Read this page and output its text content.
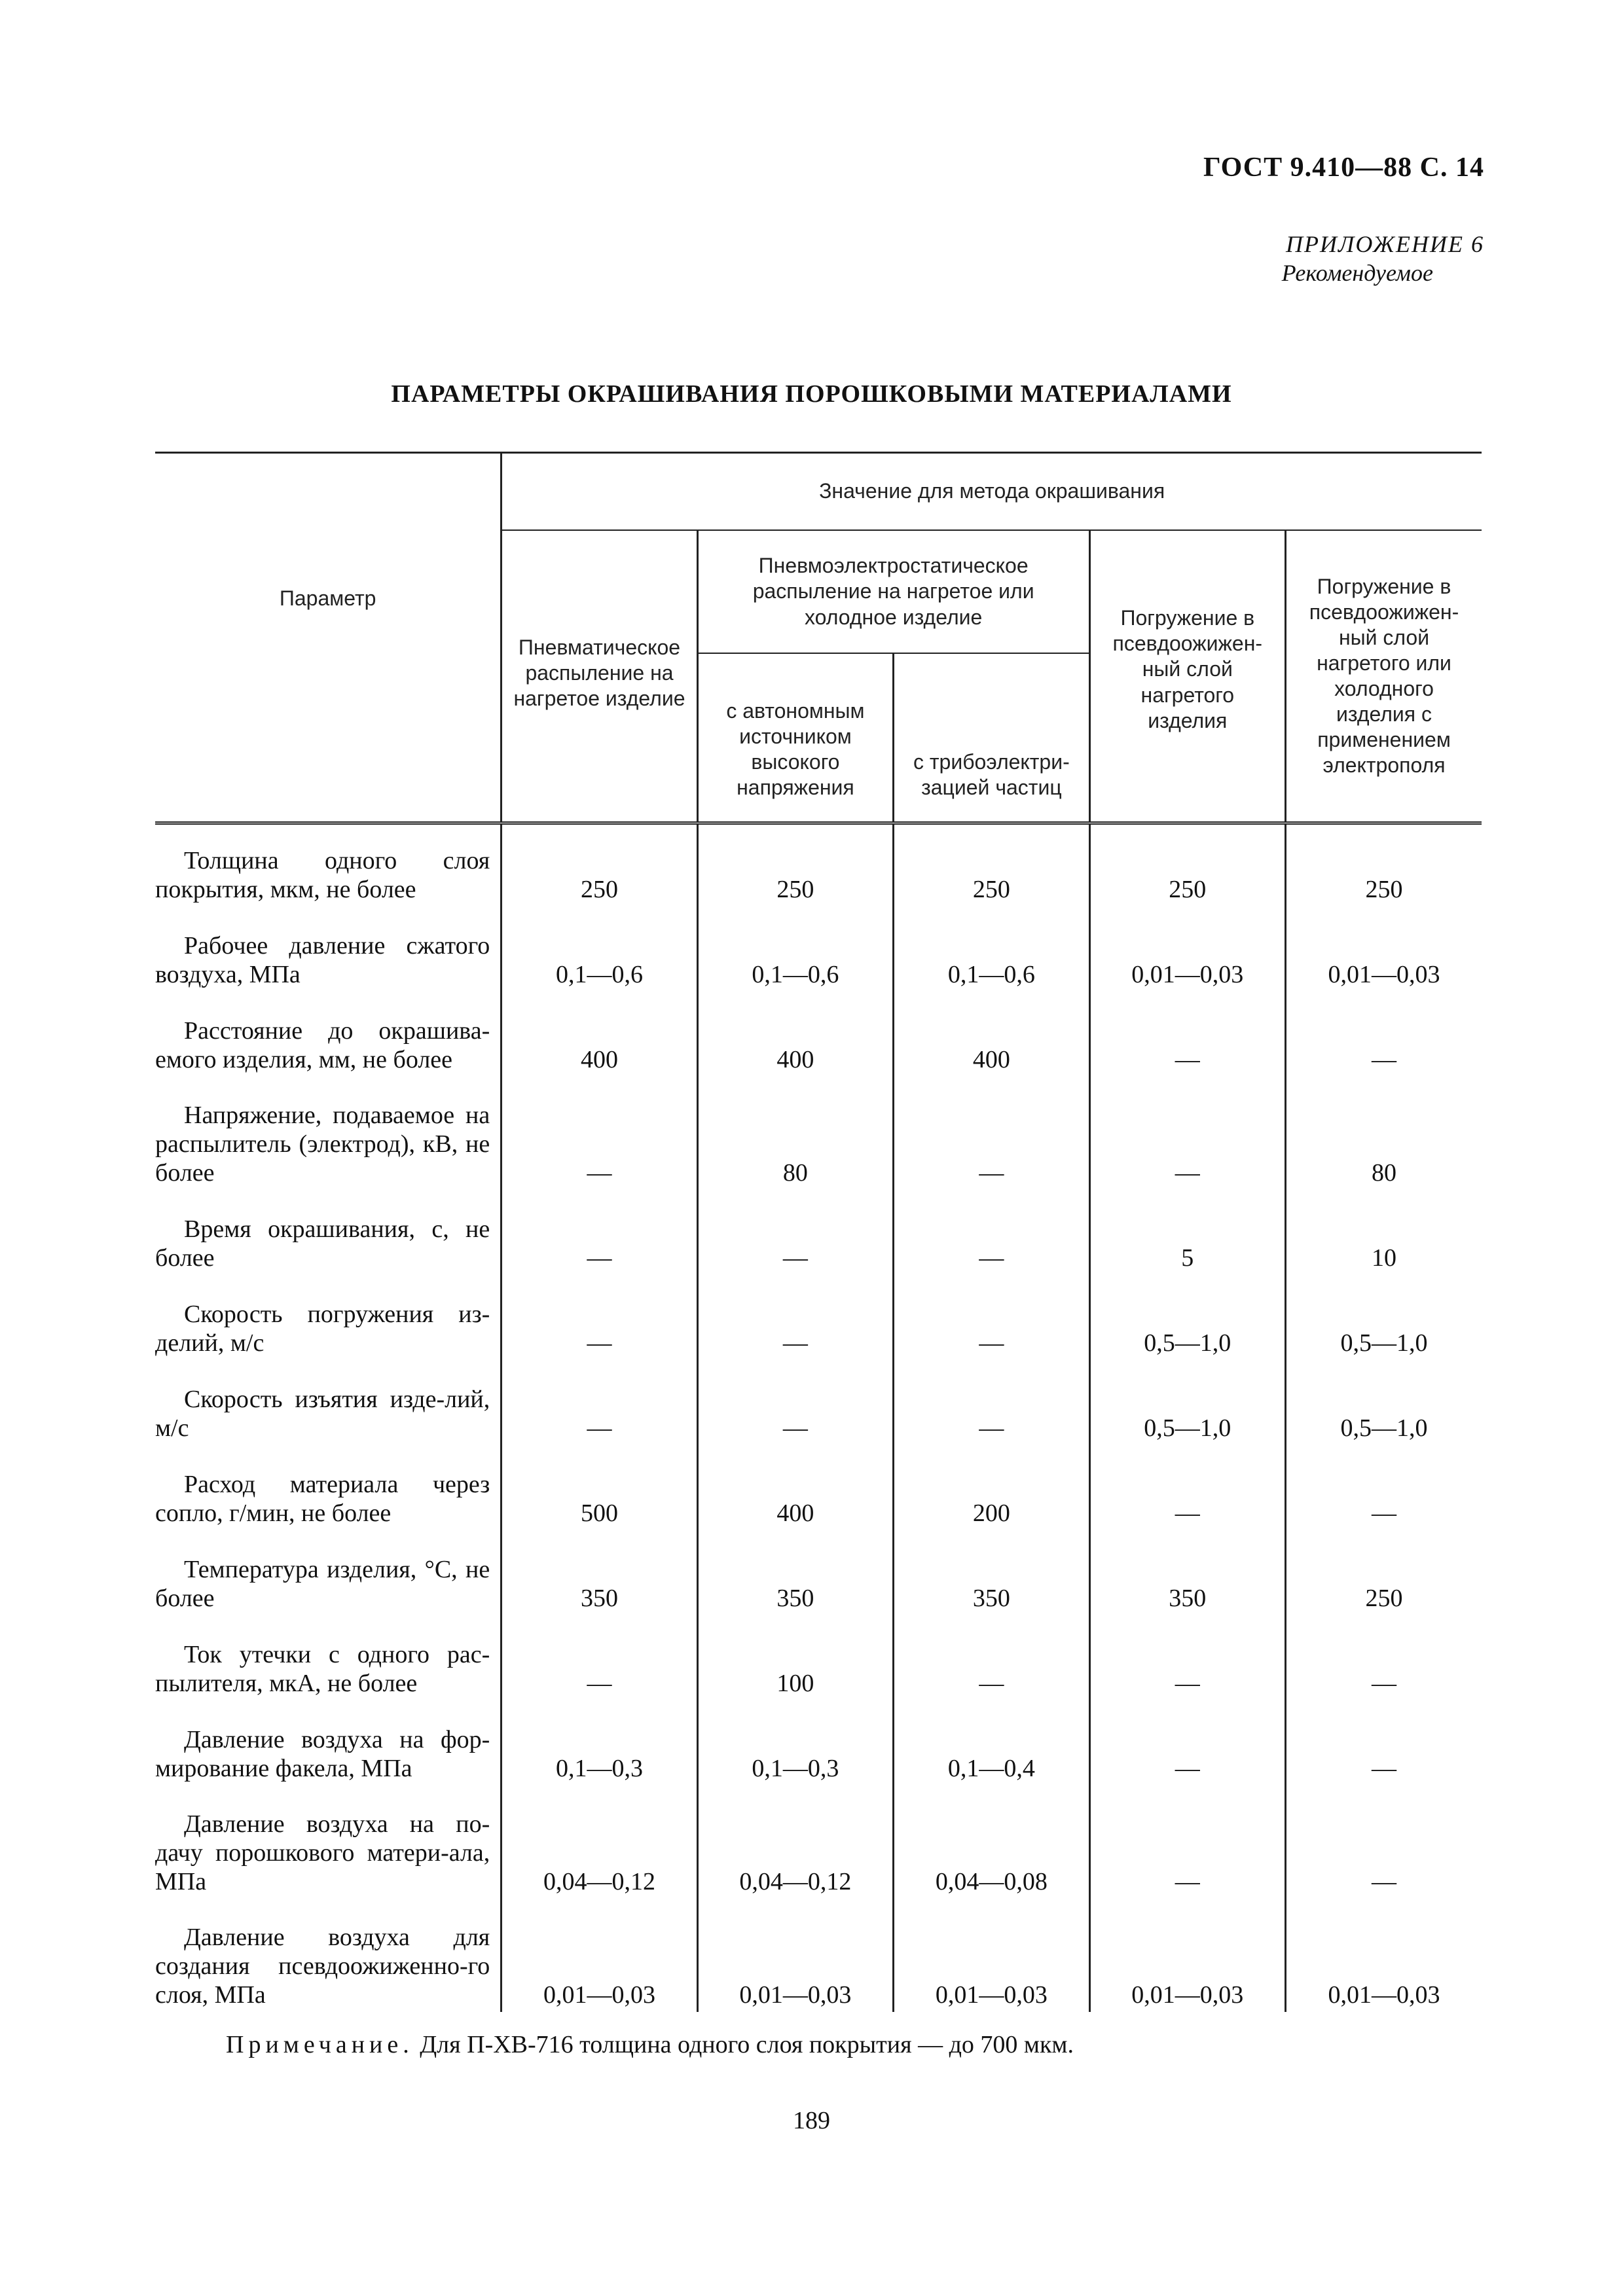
ГОСТ 9.410—88 С. 14
ПРИЛОЖЕНИЕ 6
Рекомендуемое
ПАРАМЕТРЫ ОКРАШИВАНИЯ ПОРОШКОВЫМИ МАТЕРИАЛАМИ
Параметр	Значение для метода окрашивания				
	Пневматическое распыление на нагретое изделие	Пневмоэлектростатическое распыление на нагретое или холодное изделие		Погружение в псевдоожижен-ный слой нагретого изделия	Погружение в псевдоожижен-ный слой нагретого или холодного изделия с применением электрополя
		с автономным источником высокого напряжения	с трибоэлектри-зацией частиц		

Толщина одного слоя покрытия, мкм, не более	250	250	250	250	250

Рабочее давление сжатого воздуха, МПа	0,1—0,6	0,1—0,6	0,1—0,6	0,01—0,03	0,01—0,03

Расстояние до окрашива-емого изделия, мм, не более	400	400	400	—	—

Напряжение, подаваемое на распылитель (электрод), кВ, не более	—	80	—	—	80

Время окрашивания, с, не более	—	—	—	5	10

Скорость погружения из-делий, м/с	—	—	—	0,5—1,0	0,5—1,0

Скорость изъятия изде-лий, м/с	—	—	—	0,5—1,0	0,5—1,0

Расход материала через сопло, г/мин, не более	500	400	200	—	—

Температура изделия, °С, не более	350	350	350	350	250

Ток утечки с одного рас-пылителя, мкА, не более	—	100	—	—	—

Давление воздуха на фор-мирование факела, МПа	0,1—0,3	0,1—0,3	0,1—0,4	—	—

Давление воздуха на по-дачу порошкового матери-ала, МПа	0,04—0,12	0,04—0,12	0,04—0,08	—	—

Давление воздуха для создания псевдоожиженно-го слоя, МПа	0,01—0,03	0,01—0,03	0,01—0,03	0,01—0,03	0,01—0,03
Примечание. Для П-ХВ-716 толщина одного слоя покрытия — до 700 мкм.
189
